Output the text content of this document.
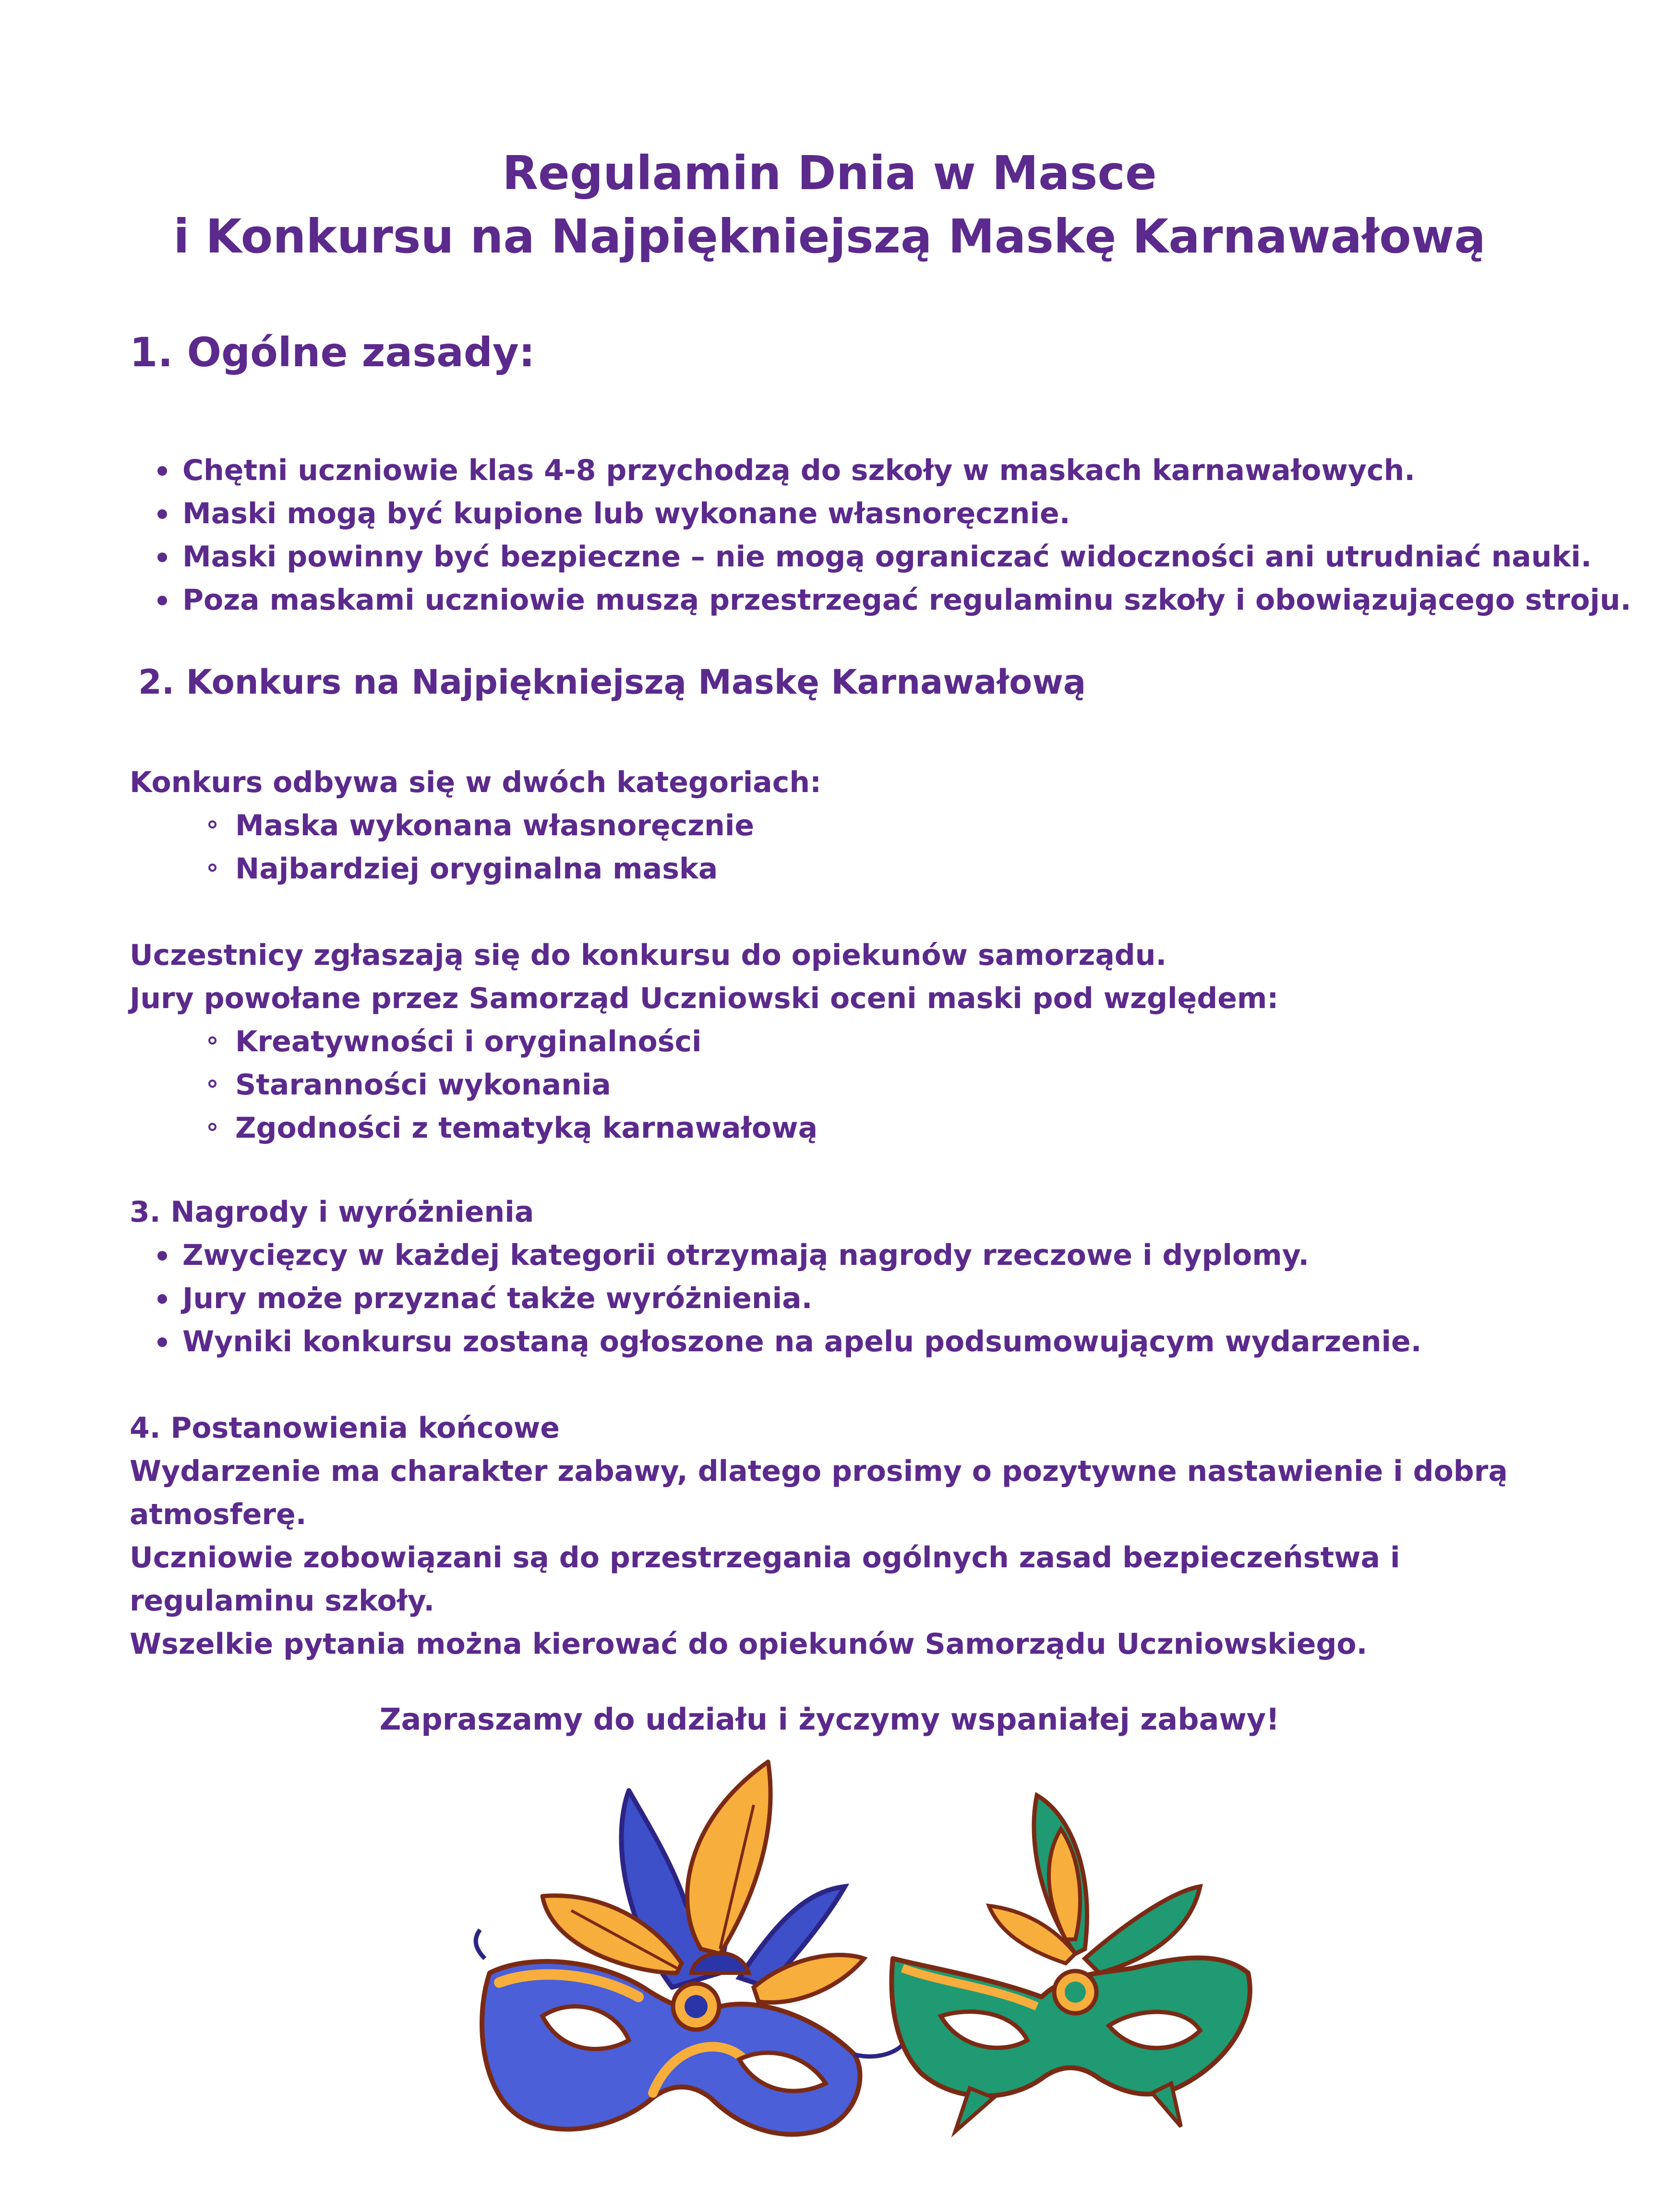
Regulamin Dnia w Masce
i Konkursu na Najpiękniejszą Maskę Karnawałową
1. Ogólne zasady:
Chętni uczniowie klas 4-8 przychodzą do szkoły w maskach karnawałowych.
Maski mogą być kupione lub wykonane własnoręcznie.
Maski powinny być bezpieczne – nie mogą ograniczać widoczności ani utrudniać nauki.
Poza maskami uczniowie muszą przestrzegać regulaminu szkoły i obowiązującego stroju.
2. Konkurs na Najpiękniejszą Maskę Karnawałową

Konkurs odbywa się w dwóch kategoriach:

Maska wykonana własnoręcznie
Najbardziej oryginalna maska

Uczestnicy zgłaszają się do konkursu do opiekunów samorządu.

Jury powołane przez Samorząd Uczniowski oceni maski pod względem:

Kreatywności i oryginalności
Staranności wykonania
Zgodności z tematyką karnawałową

3. Nagrody i wyróżnienia

Zwycięzcy w każdej kategorii otrzymają nagrody rzeczowe i dyplomy.
Jury może przyznać także wyróżnienia.
Wyniki konkursu zostaną ogłoszone na apelu podsumowującym wydarzenie.

4. Postanowienia końcowe

Wydarzenie ma charakter zabawy, dlatego prosimy o pozytywne nastawienie i dobrą atmosferę.

Uczniowie zobowiązani są do przestrzegania ogólnych zasad bezpieczeństwa i regulaminu szkoły.

Wszelkie pytania można kierować do opiekunów Samorządu Uczniowskiego.

Zapraszamy do udziału i życzymy wspaniałej zabawy!
